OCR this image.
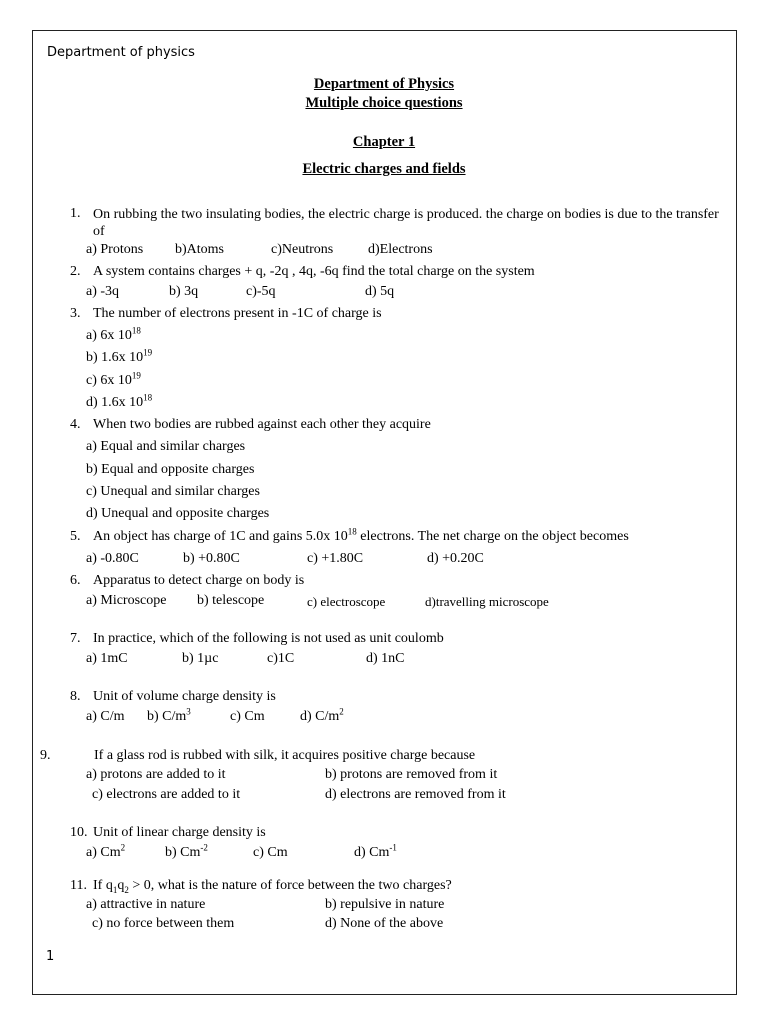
Department of physics
Department of Physics
Multiple choice questions
Chapter 1
Electric charges and fields
1. On rubbing the two insulating bodies, the electric charge is produced. the charge on bodies is due to the transfer of
a) Protons b)Atoms	c)Neutrons d)Electrons
2. A system contains charges + q, -2q , 4q, -6q find the total charge on the system
a) -3q	b) 3q	c)-5q	d) 5q
3. The number of electrons present in -1C of charge is
a) 6x $10^{18}$
b) 1.6x $10^{19}$
c) 6x $10^{19}$
d) 1.6x $10^{18}$
4. When two bodies are rubbed against each other they acquire
a) Equal and similar charges
b) Equal and opposite charges
c) Unequal and similar charges
d) Unequal and opposite charges
5. An object has charge of 1C and gains 5.0x $10^{18}$ electrons. The net charge on the object becomes
a) -0.80C	b) +0.80C	c) +1.80C	d) +0.20C
6. Apparatus to detect charge on body is
a) Microscope b) telescope	c) electroscope	d)travelling microscope
7. In practice, which of the following is not used as unit coulomb
a) 1mC	b) 1µc	c)1C	d) 1nC
8. Unit of volume charge density is
a) C/m b) $C/m^3$	c) Cm	d) $C/m^2$
9.	If a glass rod is rubbed with silk, it acquires positive charge because
a) protons are added to it	b) protons are removed from it
c) electrons are added to it	d) electrons are removed from it
10. Unit of linear charge density is
a) Cm$^2$	b) $Cm^{-2}$	c) Cm	d) $Cm^{-1}$
11. If $q_1q_2 > 0$, what is the nature of force between the two charges?
a) attractive in nature	b) repulsive in nature
c) no force between them	d) None of the above
1
